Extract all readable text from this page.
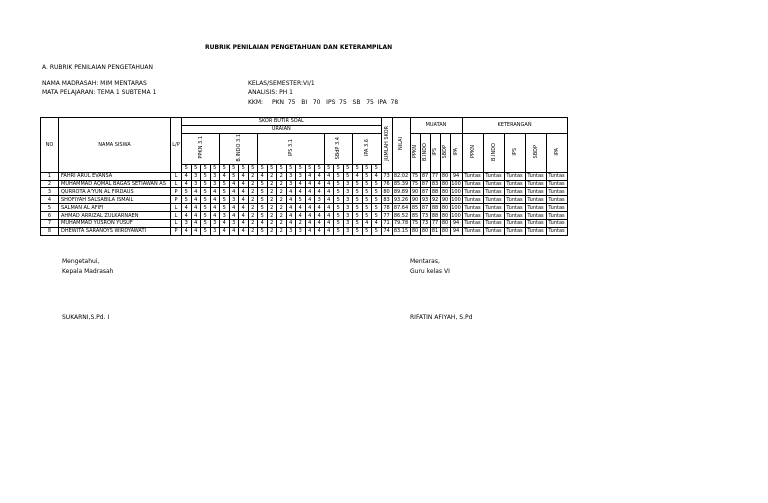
RUBRIK PENILAIAN PENGETAHUAN DAN KETERAMPILAN
A. RUBRIK PENILAIAN PENGETAHUAN
NAMA MADRASAH: MIM MENTARAS
MATA PELAJARAN: TEMA 1 SUBTEMA 1
KELAS/SEMESTER:VI/1
ANALISIS: PH 1
KKM: PKN  75   BI   70   IPS  75   SB   75  IPA  78
NO	NAMA SISWA	L/P	SKOR BUTIR SOAL																					JUMLAH SKOR	NILAI	MUATAN					KETERANGAN				
			URAIAN																																
			PPKN 3.1				B.INDO 3.1				IPS 3.1							SBdP 3.4			IPA 3.6					PPKN	B.INDO	IPS	SBDP	IPA	PPKN	B.INDO	IPS	SBDP	IPA
			5	5	5	5	5	5	5	5	5	5	5	5	5	5	5	5	5	5	5	5	5												
1	FAHRI ARUL EVANSA	L	4	3	5	3	4	5	4	2	4	2	2	3	3	4	4	4	5	5	4	5	4	73	82.02	75	87	77	80	94	Tuntas	Tuntas	Tuntas	Tuntas	Tuntas
2	MUHAMMAD AQMAL BAGAS SETIAWAN AS	L	4	3	5	3	5	4	4	2	5	2	2	3	4	4	4	4	5	3	5	5	5	76	85.39	75	87	83	80	100	Tuntas	Tuntas	Tuntas	Tuntas	Tuntas
3	QURROTA A'YUN AL FIRDAUS	P	5	4	5	4	5	4	4	2	5	2	2	4	4	4	4	4	5	3	5	5	5	80	89.89	90	87	88	80	100	Tuntas	Tuntas	Tuntas	Tuntas	Tuntas
4	SHOFIYAH SALSABILA ISMAIL	P	5	4	5	4	5	3	4	2	5	2	2	4	5	4	3	4	5	3	5	5	5	83	93.26	90	93	92	90	100	Tuntas	Tuntas	Tuntas	Tuntas	Tuntas
5	SALMAN AL AFIFI	L	4	4	5	4	5	4	4	2	5	2	2	4	4	4	4	4	5	3	5	5	5	78	87.64	85	87	88	80	100	Tuntas	Tuntas	Tuntas	Tuntas	Tuntas
6	AHMAD ARRIZAL ZULKARNAEN	L	4	4	5	4	3	4	4	2	5	2	2	4	4	4	4	4	5	3	5	5	5	77	86.52	85	73	88	80	100	Tuntas	Tuntas	Tuntas	Tuntas	Tuntas
7	MUHAMMAD YUSRON YUSUF	L	3	4	5	3	4	3	4	2	4	2	2	4	2	4	4	4	5	3	5	4	4	71	79.78	75	73	77	80	94	Tuntas	Tuntas	Tuntas	Tuntas	Tuntas
8	DHEWITA SARANOYS WIRDYAWATI	P	4	4	5	3	4	4	4	2	5	2	2	3	3	4	4	4	5	3	5	5	5	74	83.15	80	80	81	80	94	Tuntas	Tuntas	Tuntas	Tuntas	Tuntas
Mengetahui,
Kepala Madrasah
SUKARNI,S.Pd. I
Mentaras,
Guru kelas VI
RIFATIN AFIYAH, S.Pd
